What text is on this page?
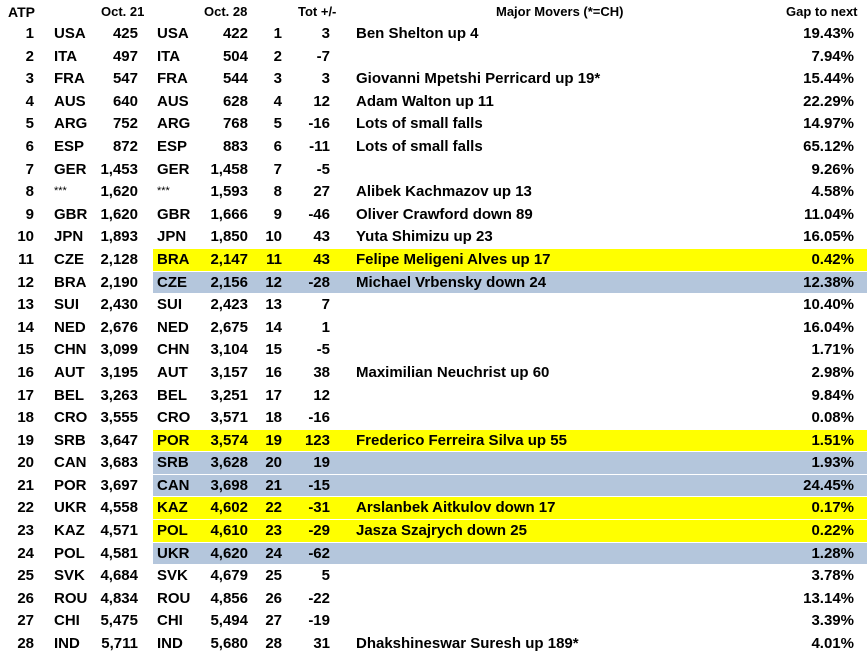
ATP	Oct. 21	Oct. 28	Tot +/-	Major Movers (*=CH)	Gap to next
1 USA	425 USA	422	1	3 Ben Shelton up 4	19.43%
2 ITA	497 ITA	504	2	-7	7.94%
3 FRA	547 FRA	544	3	3 Giovanni Mpetshi Perricard up 19*	15.44%
4 AUS	640 AUS	628	4	12 Adam Walton up 11	22.29%
5 ARG	752 ARG	768	5	-16 Lots of small falls	14.97%
6 ESP	872 ESP	883	6	-11 Lots of small falls	65.12%
7 GER 1,453 GER	1,458	7	-5	9.26%
8 ***	1,620 ***	1,593	8	27 Alibek Kachmazov up 13	4.58%
9 GBR 1,620 GBR	1,666	9	-46 Oliver Crawford down 89	11.04%
10 JPN	1,893 JPN	1,850	10	43 Yuta Shimizu up 23	16.05%
11 CZE	2,128 BRA	2,147	11	43 Felipe Meligeni Alves up 17	0.42%
12 BRA 2,190 CZE	2,156	12	-28 Michael Vrbensky down 24	12.38%
13 SUI	2,430 SUI	2,423	13	7	10.40%
14 NED 2,676 NED	2,675	14	1	16.04%
15 CHN 3,099 CHN	3,104	15	-5	1.71%
16 AUT	3,195 AUT	3,157	16	38 Maximilian Neuchrist up 60	2.98%
17 BEL	3,263 BEL	3,251	17	12	9.84%
18 CRO 3,555 CRO	3,571	18	-16	0.08%
19 SRB 3,647 POR	3,574	19	123 Frederico Ferreira Silva up 55	1.51%
20 CAN 3,683 SRB	3,628	20	19	1.93%
21 POR 3,697 CAN	3,698	21	-15	24.45%
22 UKR 4,558 KAZ	4,602	22	-31 Arslanbek Aitkulov down 17	0.17%
23 KAZ	4,571 POL	4,610	23	-29 Jasza Szajrych down 25	0.22%
24 POL	4,581 UKR	4,620	24	-62	1.28%
25 SVK	4,684 SVK	4,679	25	5	3.78%
26 ROU 4,834 ROU	4,856	26	-22	13.14%
27 CHI	5,475 CHI	5,494	27	-19	3.39%
28 IND	5,711 IND	5,680	28	31 Dhakshineswar Suresh up 189*	4.01%
